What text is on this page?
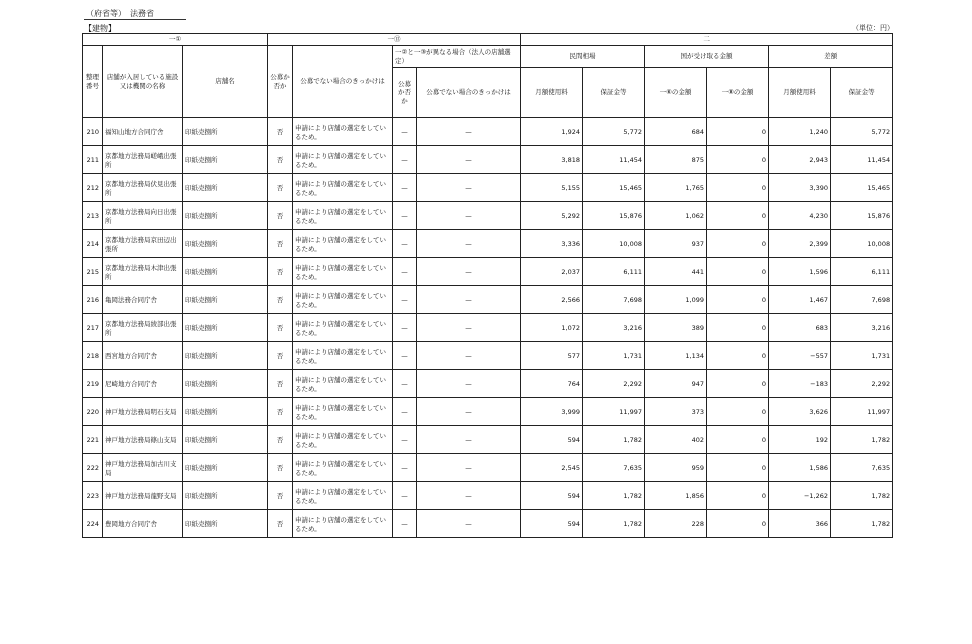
（府省等）　法務省
【建物】	（単位：円）
一①			一⑬				二					
整理番号	店舗が入居している施設又は機関の名称	店舗名	公募か否か	公募でない場合のきっかけは	一②と一③が異なる場合（法人の店舗選定）		民間相場		国が受け取る金額		差額	
					公募か否か	公募でない場合のきっかけは	月額使用料	保証金等	一⑥の金額	一⑧の金額	月額使用料	保証金等
210	福知山地方合同庁舎	印紙売捌所	否	申請により店舗の選定をしているため。	—	—	1,924	5,772	684	0	1,240	5,772
211	京都地方法務局嵯峨出張所	印紙売捌所	否	申請により店舗の選定をしているため。	—	—	3,818	11,454	875	0	2,943	11,454
212	京都地方法務局伏見出張所	印紙売捌所	否	申請により店舗の選定をしているため。	—	—	5,155	15,465	1,765	0	3,390	15,465
213	京都地方法務局向日出張所	印紙売捌所	否	申請により店舗の選定をしているため。	—	—	5,292	15,876	1,062	0	4,230	15,876
214	京都地方法務局京田辺出張所	印紙売捌所	否	申請により店舗の選定をしているため。	—	—	3,336	10,008	937	0	2,399	10,008
215	京都地方法務局木津出張所	印紙売捌所	否	申請により店舗の選定をしているため。	—	—	2,037	6,111	441	0	1,596	6,111
216	亀岡法務合同庁舎	印紙売捌所	否	申請により店舗の選定をしているため。	—	—	2,566	7,698	1,099	0	1,467	7,698
217	京都地方法務局綾部出張所	印紙売捌所	否	申請により店舗の選定をしているため。	—	—	1,072	3,216	389	0	683	3,216
218	西宮地方合同庁舎	印紙売捌所	否	申請により店舗の選定をしているため。	—	—	577	1,731	1,134	0	−557	1,731
219	尼崎地方合同庁舎	印紙売捌所	否	申請により店舗の選定をしているため。	—	—	764	2,292	947	0	−183	2,292
220	神戸地方法務局明石支局	印紙売捌所	否	申請により店舗の選定をしているため。	—	—	3,999	11,997	373	0	3,626	11,997
221	神戸地方法務局篠山支局	印紙売捌所	否	申請により店舗の選定をしているため。	—	—	594	1,782	402	0	192	1,782
222	神戸地方法務局加古川支局	印紙売捌所	否	申請により店舗の選定をしているため。	—	—	2,545	7,635	959	0	1,586	7,635
223	神戸地方法務局龍野支局	印紙売捌所	否	申請により店舗の選定をしているため。	—	—	594	1,782	1,856	0	−1,262	1,782
224	豊岡地方合同庁舎	印紙売捌所	否	申請により店舗の選定をしているため。	—	—	594	1,782	228	0	366	1,782
